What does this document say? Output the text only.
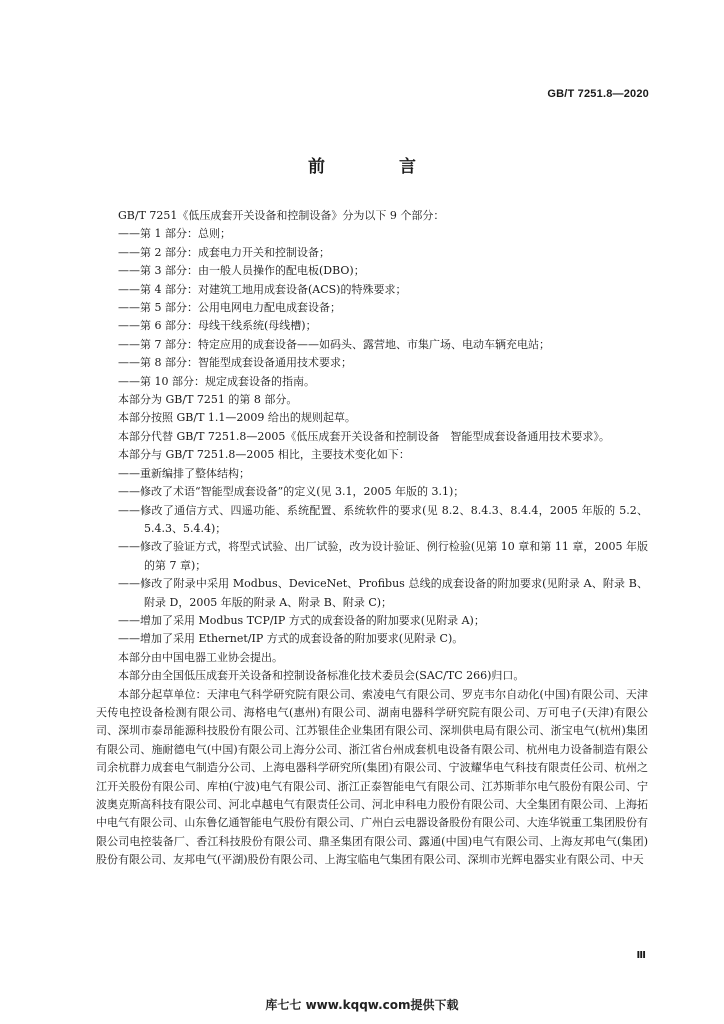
GB/T 7251.8—2020
前 言
GB/T 7251《低压成套开关设备和控制设备》分为以下 9 个部分：
——第 1 部分：总则；
——第 2 部分：成套电力开关和控制设备；
——第 3 部分：由一般人员操作的配电板(DBO)；
——第 4 部分：对建筑工地用成套设备(ACS)的特殊要求；
——第 5 部分：公用电网电力配电成套设备；
——第 6 部分：母线干线系统(母线槽)；
——第 7 部分：特定应用的成套设备——如码头、露营地、市集广场、电动车辆充电站；
——第 8 部分：智能型成套设备通用技术要求；
——第 10 部分：规定成套设备的指南。
本部分为 GB/T 7251 的第 8 部分。
本部分按照 GB/T 1.1—2009 给出的规则起草。
本部分代替 GB/T 7251.8—2005《低压成套开关设备和控制设备　智能型成套设备通用技术要求》。
本部分与 GB/T 7251.8—2005 相比，主要技术变化如下：
——重新编排了整体结构；
——修改了术语“智能型成套设备”的定义(见 3.1，2005 年版的 3.1)；
——修改了通信方式、四遥功能、系统配置、系统软件的要求(见 8.2、8.4.3、8.4.4，2005 年版的 5.2、5.4.3、5.4.4)；
——修改了验证方式，将型式试验、出厂试验，改为设计验证、例行检验(见第 10 章和第 11 章，2005 年版的第 7 章)；
——修改了附录中采用 Modbus、DeviceNet、Profibus 总线的成套设备的附加要求(见附录 A、附录 B、附录 D，2005 年版的附录 A、附录 B、附录 C)；
——增加了采用 Modbus TCP/IP 方式的成套设备的附加要求(见附录 A)；
——增加了采用 Ethernet/IP 方式的成套设备的附加要求(见附录 C)。
本部分由中国电器工业协会提出。
本部分由全国低压成套开关设备和控制设备标准化技术委员会(SAC/TC 266)归口。
本部分起草单位：天津电气科学研究院有限公司、索凌电气有限公司、罗克韦尔自动化(中国)有限公司、天津天传电控设备检测有限公司、海格电气(惠州)有限公司、湖南电器科学研究院有限公司、万可电子(天津)有限公司、深圳市泰昂能源科技股份有限公司、江苏银佳企业集团有限公司、深圳供电局有限公司、浙宝电气(杭州)集团有限公司、施耐德电气(中国)有限公司上海分公司、浙江省台州成套机电设备有限公司、杭州电力设备制造有限公司余杭群力成套电气制造分公司、上海电器科学研究所(集团)有限公司、宁波耀华电气科技有限责任公司、杭州之江开关股份有限公司、库柏(宁波)电气有限公司、浙江正泰智能电气有限公司、江苏斯菲尔电气股份有限公司、宁波奥克斯高科技有限公司、河北卓越电气有限责任公司、河北申科电力股份有限公司、大全集团有限公司、上海拓中电气有限公司、山东鲁亿通智能电气股份有限公司、广州白云电器设备股份有限公司、大连华锐重工集团股份有限公司电控装备厂、香江科技股份有限公司、鼎圣集团有限公司、露通(中国)电气有限公司、上海友邦电气(集团)股份有限公司、友邦电气(平湖)股份有限公司、上海宝临电气集团有限公司、深圳市光辉电器实业有限公司、中天
Ⅲ
库七七 www.kqqw.com提供下载
